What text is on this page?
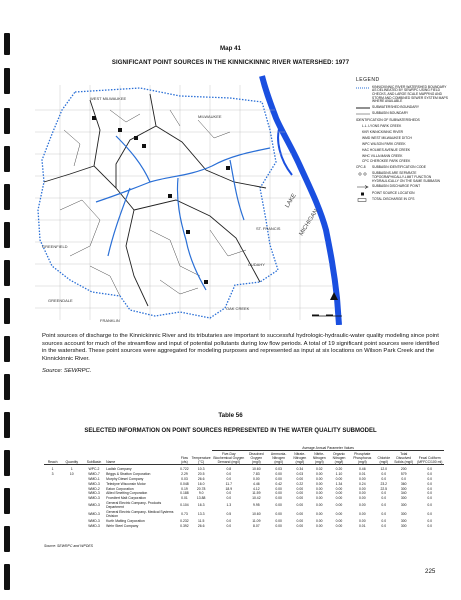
Map 41
SIGNIFICANT POINT SOURCES IN THE KINNICKINNIC RIVER WATERSHED: 1977
LAKE
MICHIGAN
WEST MILWAUKEE
MILWAUKEE
ST. FRANCIS
CUDAHY
GREENFIELD
OAK CREEK
GREENDALE
FRANKLIN
LEGEND
KINNICKINNIC RIVER WATERSHED BOUNDARY AS DELINEATED BY SEWRPC USING FIELD CHECKS, AND LARGE SCALE MAPPING AND STORM AND COMBINED SEWER SYSTEM MAPS WHERE AVAILABLE
SUBWATERSHED BOUNDARY
SUBBASIN BOUNDARY
IDENTIFICATION OF SUBWATERSHEDS
L.L. LYONS PARK CREEK
KKR KINNICKINNIC RIVER
WMD WEST MILWAUKEE DITCH
WPC WILSON PARK CREEK
HAC HOLMES AVENUE CREEK
WHC VILLA MANN CREEK
CPC CHEROKEE PARK CREEK
CPC-8	SUBBASIN IDENTIFICATION CODE
SUBBASINS ARE SEPARATE TOPOGRAPHICALLY-LIMIT FUNCTION HYDRAULICALLY ON THE SAME SUBBASIN
SUBBASIN DISCHARGE POINT
POINT SOURCE LOCATION
TOTAL DISCHARGE IN CFS
Point sources of discharge to the Kinnickinnic River and its tributaries are important to successful hydrologic-hydraulic-water quality modeling since point sources account for much of the streamflow and input of potential pollutants during low flow periods. A total of 19 significant point sources were identified in the watershed. These point sources were aggregated for modeling purposes and represented as input at six locations on Wilson Park Creek and the Kinnickinnic River.
Source: SEWRPC.
Table 56
SELECTED INFORMATION ON POINT SOURCES REPRESENTED IN THE WATER QUALITY SUBMODEL
						Average Annual Parameter Values									
Reach	Quantity	SubBasin	Name	Flow (cfs)	Temperature (°C)	Five-Day Biochemical Oxygen Demand (mg/l)	Dissolved Oxygen (mg/l)	Ammonia-Nitrogen (mg/l)	Nitrate-Nitrogen (mg/l)	Nitrite-Nitrogen (mg/l)	Organic Nitrogen (mg/l)	Phosphate Phosphorus (mg/l)	Chloride (mg/l)	Total Dissolved Solids (mg/l)	Fecal Coliform (MFFCC/100 ml)
1	1	WPC-2	Ladish Company	0.722	10.3	0.8	10.60	0.03	0.34	0.02	0.20	0.46	12.0	200	0.0
3	10	WMD-7	Briggs & Stratton Corporation	2.29	20.5	0.0	7.83	0.00	0.03	0.00	1.10	0.01	0.0	579	0.0
		WMD-1	Murphy Diesel Company	0.03	26.6	0.0	0.00	0.00	0.00	0.00	0.00	0.00	0.0	0.0	0.0
		WMD-3	Teledyne Wisconsin Motor	0.048	16.0	11.7	4.46	0.42	0.22	0.00	1.34	0.24	23.2	360	0.0
		WMD-2	Eaton Corporation	0.19	20.78	18.9	4.12	0.00	0.00	0.00	0.00	0.00	22.5	300	0.0
		WMD-3	Allied Smelting Corporation	0.188	9.0	0.0	11.59	0.00	0.00	0.00	0.00	0.00	0.0	340	0.0
		WMD-3	Froedtert Malt Corporation	0.01	13.88	0.0	10.42	0.00	0.00	0.00	0.00	0.00	0.0	300	0.0
		WMD-3	General Electric Company- Products Department	0.104	16.3	1.3	9.95	0.00	0.00	0.00	0.00	0.00	0.0	300	0.0
		WMD-3	General Electric Company- Medical Systems Division	0.73	13.3	0.5	10.60	0.00	0.00	0.00	0.00	0.00	0.0	300	0.0
		WMD-3	Kurth Malting Corporation	0.232	11.5	0.0	11.09	0.00	0.00	0.00	0.00	0.00	0.0	300	0.0
		WMD-3	Wehr Steel Company	0.392	26.6	0.0	8.07	0.00	0.00	0.00	0.00	0.01	0.0	300	0.0
Source: SEWRPC and WPDES
225
